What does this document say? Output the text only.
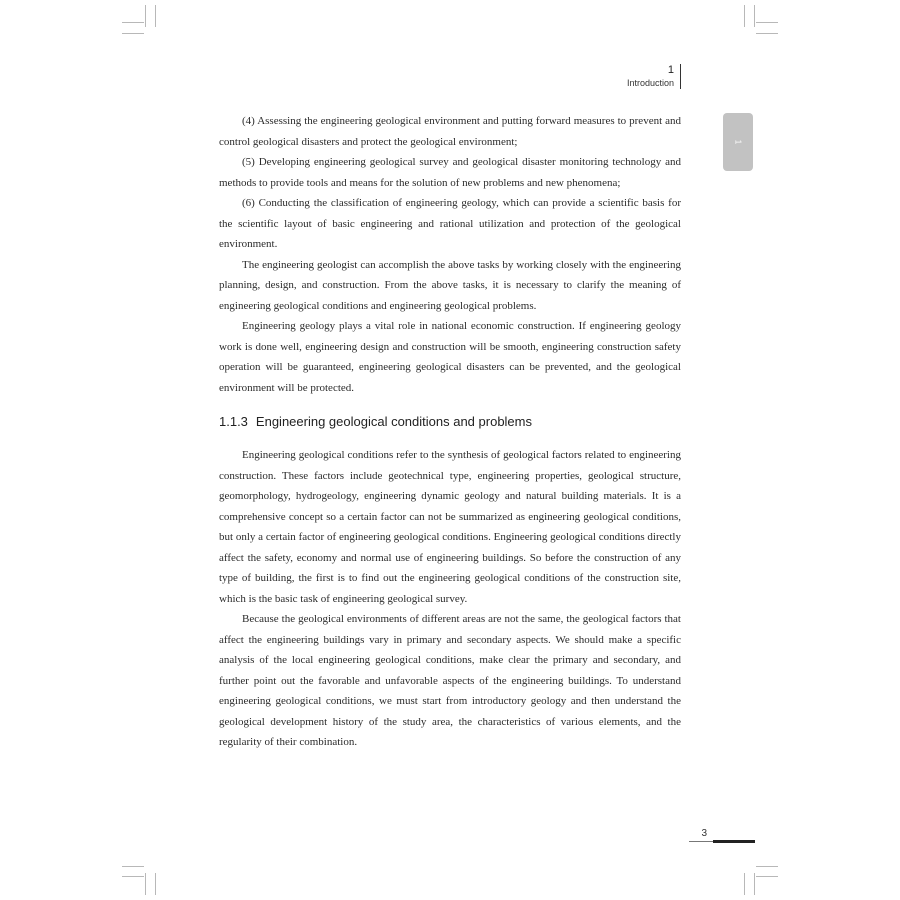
1
Introduction
1

(4) Assessing the engineering geological environment and putting forward measures to prevent and control geological disasters and protect the geological environment;

(5) Developing engineering geological survey and geological disaster monitoring technology and methods to provide tools and means for the solution of new problems and new phenomena;

(6) Conducting the classification of engineering geology, which can provide a scientific basis for the scientific layout of basic engineering and rational utilization and protection of the geological environment.

The engineering geologist can accomplish the above tasks by working closely with the engineering planning, design, and construction. From the above tasks, it is necessary to clarify the meaning of engineering geological conditions and engineering geological problems.

Engineering geology plays a vital role in national economic construction. If engineering geology work is done well, engineering design and construction will be smooth, engineering construction safety operation will be guaranteed, engineering geological disasters can be prevented, and the geological environment will be protected.

1.1.3 Engineering geological conditions and problems

Engineering geological conditions refer to the synthesis of geological factors related to engineering construction. These factors include geotechnical type, engineering properties, geological structure, geomorphology, hydrogeology, engineering dynamic geology and natural building materials. It is a comprehensive concept so a certain factor can not be summarized as engineering geological conditions, but only a certain factor of engineering geological conditions. Engineering geological conditions directly affect the safety, economy and normal use of engineering buildings. So before the construction of any type of building, the first is to find out the engineering geological conditions of the construction site, which is the basic task of engineering geological survey.

Because the geological environments of different areas are not the same, the geological factors that affect the engineering buildings vary in primary and secondary aspects. We should make a specific analysis of the local engineering geological conditions, make clear the primary and secondary, and further point out the favorable and unfavorable aspects of the engineering buildings. To understand engineering geological conditions, we must start from introductory geology and then understand the geological development history of the study area, the characteristics of various elements, and the regularity of their combination.

3
